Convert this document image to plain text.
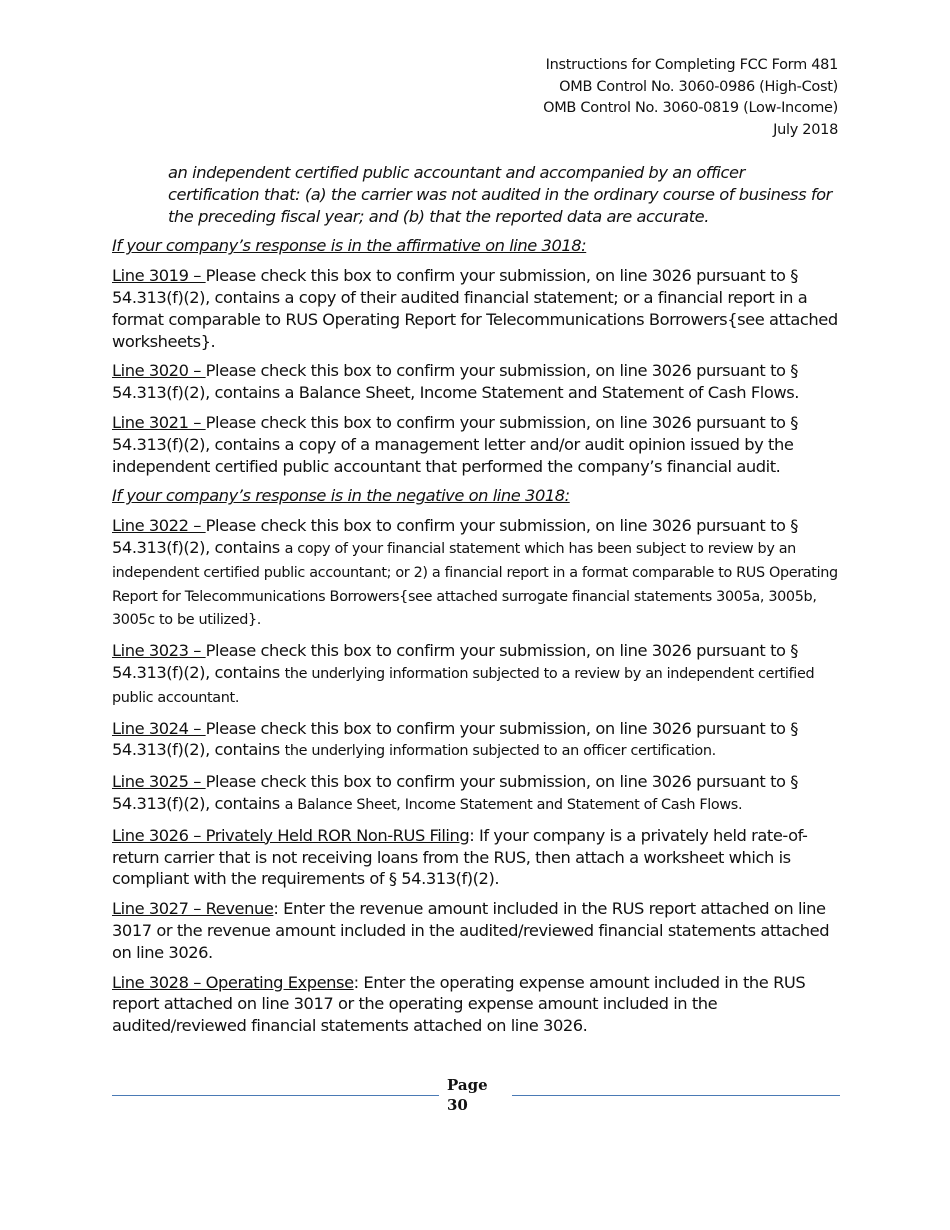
Instructions for Completing FCC Form 481
OMB Control No. 3060-0986 (High-Cost)
OMB Control No. 3060-0819 (Low-Income)
July 2018

an independent certified public accountant and accompanied by an officer certification that: (a) the carrier was not audited in the ordinary course of business for the preceding fiscal year; and (b) that the reported data are accurate.

If your company’s response is in the affirmative on line 3018:

Line 3019 – Please check this box to confirm your submission, on line 3026 pursuant to § 54.313(f)(2), contains a copy of their audited financial statement; or a financial report in a format comparable to RUS Operating Report for Telecommunications Borrowers{see attached worksheets}.

Line 3020 – Please check this box to confirm your submission, on line 3026 pursuant to § 54.313(f)(2), contains a Balance Sheet, Income Statement and Statement of Cash Flows.

Line 3021 – Please check this box to confirm your submission, on line 3026 pursuant to § 54.313(f)(2), contains a copy of a management letter and/or audit opinion issued by the independent certified public accountant that performed the company’s financial audit.

If your company’s response is in the negative on line 3018:

Line 3022 – Please check this box to confirm your submission, on line 3026 pursuant to § 54.313(f)(2), contains a copy of your financial statement which has been subject to review by an independent certified public accountant; or 2) a financial report in a format comparable to RUS Operating Report for Telecommunications Borrowers{see attached surrogate financial statements 3005a, 3005b, 3005c to be utilized}.

Line 3023 – Please check this box to confirm your submission, on line 3026 pursuant to § 54.313(f)(2), contains the underlying information subjected to a review by an independent certified public accountant.

Line 3024 – Please check this box to confirm your submission, on line 3026 pursuant to § 54.313(f)(2), contains the underlying information subjected to an officer certification.

Line 3025 – Please check this box to confirm your submission, on line 3026 pursuant to § 54.313(f)(2), contains a Balance Sheet, Income Statement and Statement of Cash Flows.

Line 3026 – Privately Held ROR Non-RUS Filing: If your company is a privately held rate-of-return carrier that is not receiving loans from the RUS, then attach a worksheet which is compliant with the requirements of § 54.313(f)(2).

Line 3027 – Revenue: Enter the revenue amount included in the RUS report attached on line 3017 or the revenue amount included in the audited/reviewed financial statements attached on line 3026.

Line 3028 – Operating Expense: Enter the operating expense amount included in the RUS report attached on line 3017 or the operating expense amount included in the audited/reviewed financial statements attached on line 3026.

Page
30
